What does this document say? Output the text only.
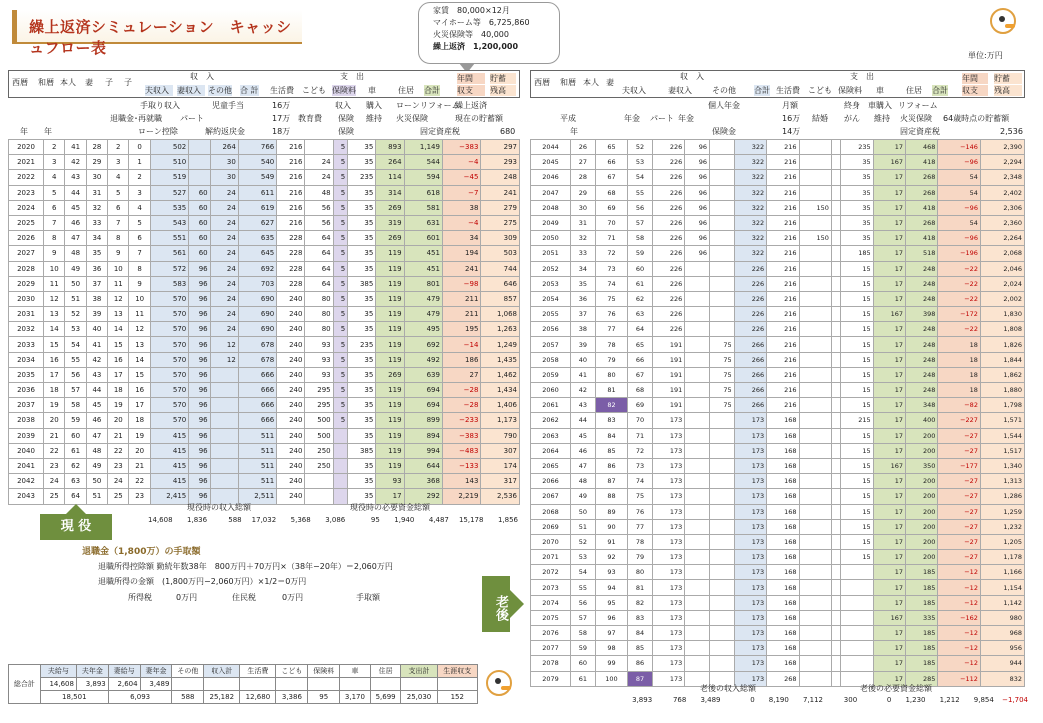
繰上返済シミュレーション　キャッシュフロー表
家賃　80,000×12月
マイホーム等　6,725,860
火災保険等　40,000
繰上返済　1,200,000
単位:万円
西暦 和暦 本人 妻 子 子
収　入	支　出
夫収入	妻収入 その他 合 計 生活費 こども 保険料 車	住居 合計
年間	貯蓄
収支	残高
手取り収入	児童手当	16万	収入 購入 ローン リフォーム
繰上返済
退職金･再就職 パート	17万 教育費 保険 維持 火災保険	現在の貯蓄額
年 年	ローン控除	解約返戻金	18万	保険	固定資産税	680
2020	2	41	28	2	0	502		264	766	216		5	35	893	1,149	−383	297
2021	3	42	29	3	1	510		30	540	216	24	5	35	264	544	−4	293
2022	4	43	30	4	2	519		30	549	216	24	5	235	114	594	−45	248
2023	5	44	31	5	3	527	60	24	611	216	48	5	35	314	618	−7	241
2024	6	45	32	6	4	535	60	24	619	216	56	5	35	269	581	38	279
2025	7	46	33	7	5	543	60	24	627	216	56	5	35	319	631	−4	275
2026	8	47	34	8	6	551	60	24	635	228	64	5	35	269	601	34	309
2027	9	48	35	9	7	561	60	24	645	228	64	5	35	119	451	194	503
2028	10	49	36	10	8	572	96	24	692	228	64	5	35	119	451	241	744
2029	11	50	37	11	9	583	96	24	703	228	64	5	385	119	801	−98	646
2030	12	51	38	12	10	570	96	24	690	240	80	5	35	119	479	211	857
2031	13	52	39	13	11	570	96	24	690	240	80	5	35	119	479	211	1,068
2032	14	53	40	14	12	570	96	24	690	240	80	5	35	119	495	195	1,263
2033	15	54	41	15	13	570	96	12	678	240	93	5	235	119	692	−14	1,249
2034	16	55	42	16	14	570	96	12	678	240	93	5	35	119	492	186	1,435
2035	17	56	43	17	15	570	96		666	240	93	5	35	269	639	27	1,462
2036	18	57	44	18	16	570	96		666	240	295	5	35	119	694	−28	1,434
2037	19	58	45	19	17	570	96		666	240	295	5	35	119	694	−28	1,406
2038	20	59	46	20	18	570	96		666	240	500	5	35	119	899	−233	1,173
2039	21	60	47	21	19	415	96		511	240	500		35	119	894	−383	790
2040	22	61	48	22	20	415	96		511	240	250		385	119	994	−483	307
2041	23	62	49	23	21	415	96		511	240	250		35	119	644	−133	174
2042	24	63	50	24	22	415	96		511	240			35	93	368	143	317
2043	25	64	51	25	23	2,415	96		2,511	240			35	17	292	2,219	2,536
現役時の収入総額	現役時の必要資金総額
14,608	1,836	588	17,032	5,368	3,086	95	1,940	4,487	15,178	1,856
西暦 和暦 本人 妻
収　入	支　出
夫収入	妻収入	その他 合計 生活費 こども 保険料 車	住居 合計
年間	貯蓄
収支	残高
個人年金	月額	終身 車購入 リフォーム
平成	年金 パート 年金	16万 結婚 がん 維持 火災保険 64歳時点の貯蓄額
年	保険金	14万	固定資産税	2,536
2044	26	65	52	226	96		322	216			235	17	468	−146	2,390
2045	27	66	53	226	96		322	216			35	167	418	−96	2,294
2046	28	67	54	226	96		322	216			35	17	268	54	2,348
2047	29	68	55	226	96		322	216			35	17	268	54	2,402
2048	30	69	56	226	96		322	216	150		35	17	418	−96	2,306
2049	31	70	57	226	96		322	216			35	17	268	54	2,360
2050	32	71	58	226	96		322	216	150		35	17	418	−96	2,264
2051	33	72	59	226	96		322	216			185	17	518	−196	2,068
2052	34	73	60	226			226	216			15	17	248	−22	2,046
2053	35	74	61	226			226	216			15	17	248	−22	2,024
2054	36	75	62	226			226	216			15	17	248	−22	2,002
2055	37	76	63	226			226	216			15	167	398	−172	1,830
2056	38	77	64	226			226	216			15	17	248	−22	1,808
2057	39	78	65	191		75	266	216			15	17	248	18	1,826
2058	40	79	66	191		75	266	216			15	17	248	18	1,844
2059	41	80	67	191		75	266	216			15	17	248	18	1,862
2060	42	81	68	191		75	266	216			15	17	248	18	1,880
2061	43	82	69	191		75	266	216			15	17	348	−82	1,798
2062	44	83	70	173			173	168			215	17	400	−227	1,571
2063	45	84	71	173			173	168			15	17	200	−27	1,544
2064	46	85	72	173			173	168			15	17	200	−27	1,517
2065	47	86	73	173			173	168			15	167	350	−177	1,340
2066	48	87	74	173			173	168			15	17	200	−27	1,313
2067	49	88	75	173			173	168			15	17	200	−27	1,286
2068	50	89	76	173			173	168			15	17	200	−27	1,259
2069	51	90	77	173			173	168			15	17	200	−27	1,232
2070	52	91	78	173			173	168			15	17	200	−27	1,205
2071	53	92	79	173			173	168			15	17	200	−27	1,178
2072	54	93	80	173			173	168				17	185	−12	1,166
2073	55	94	81	173			173	168				17	185	−12	1,154
2074	56	95	82	173			173	168				17	185	−12	1,142
2075	57	96	83	173			173	168				167	335	−162	980
2076	58	97	84	173			173	168				17	185	−12	968
2077	59	98	85	173			173	168				17	185	−12	956
2078	60	99	86	173			173	168				17	185	−12	944
2079	61	100	87	173			173	268				17	285	−112	832
老後の収入総額	老後の必要資金総額
3,893	768	3,489	0	8,190	7,112	300	0	1,230	1,212	9,854	−1,704
現 役
老後
退職金（1,800万）の手取額
退職所得控除額 勤続年数38年　800万円＋70万円×（38年−20年）＝2,060万円
退職所得の金額　(1,800万円−2,060万円）×1/2＝0万円
所得税	0万円	住民税	0万円	手取額
総合計	夫給与	夫年金	妻給与	妻年金	その他	収入計	生活費	こども	保険料	車	住居	支出計	生涯収支
	14,608	3,893	2,604	3,489									
	18,501		6,093		588	25,182	12,680	3,386	95	3,170	5,699	25,030	152
